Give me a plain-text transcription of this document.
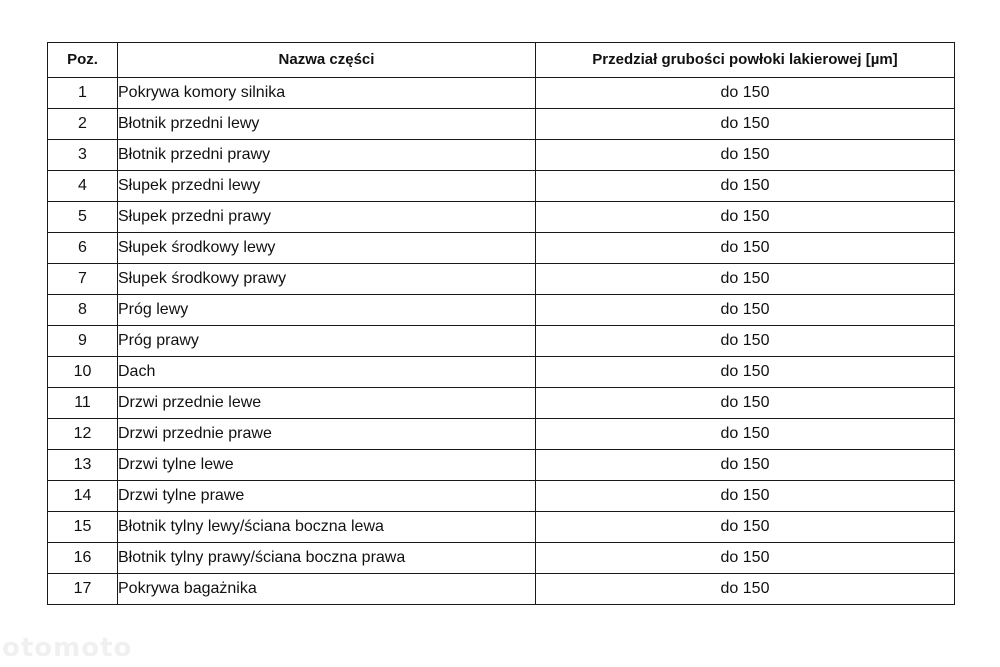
Poz.	Nazwa części	Przedział grubości powłoki lakierowej [µm]
1	Pokrywa komory silnika	do 150
2	Błotnik przedni lewy	do 150
3	Błotnik przedni prawy	do 150
4	Słupek przedni lewy	do 150
5	Słupek przedni prawy	do 150
6	Słupek środkowy lewy	do 150
7	Słupek środkowy prawy	do 150
8	Próg lewy	do 150
9	Próg prawy	do 150
10	Dach	do 150
11	Drzwi przednie lewe	do 150
12	Drzwi przednie prawe	do 150
13	Drzwi tylne lewe	do 150
14	Drzwi tylne prawe	do 150
15	Błotnik tylny lewy/ściana boczna lewa	do 150
16	Błotnik tylny prawy/ściana boczna prawa	do 150
17	Pokrywa bagażnika	do 150
otomoto
